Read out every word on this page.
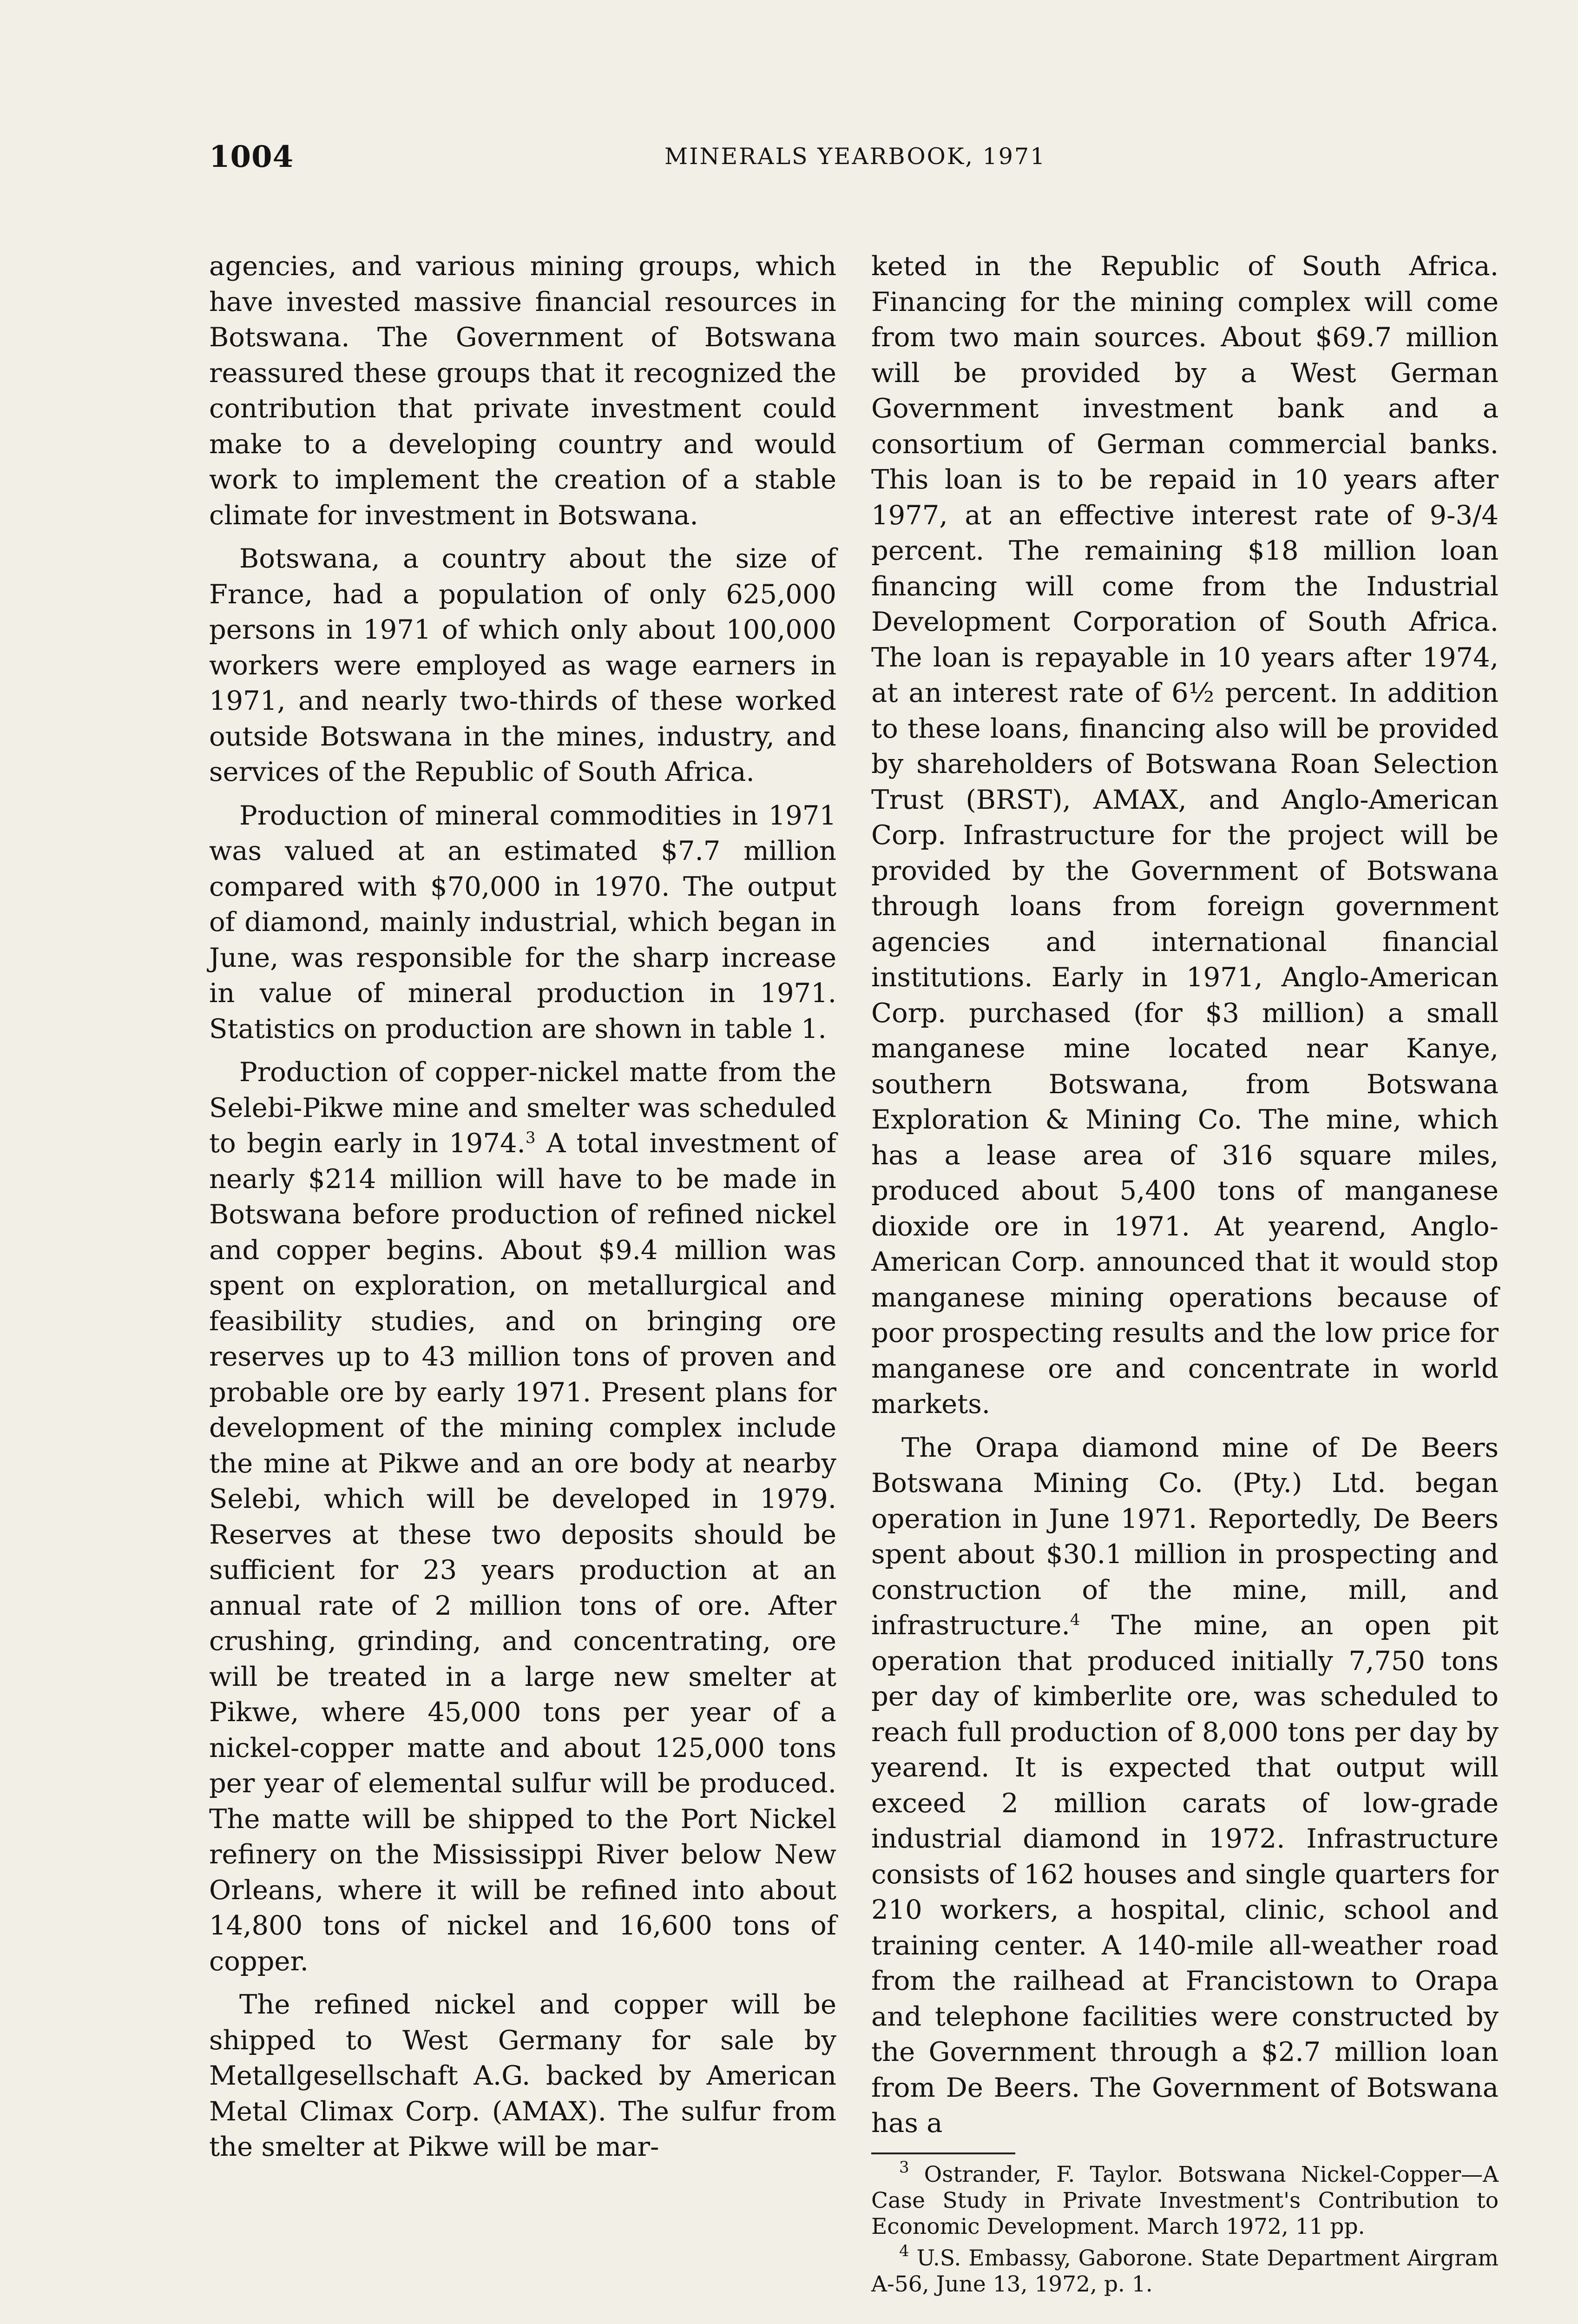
1004	MINERALS YEARBOOK, 1971

agencies, and various mining groups, which have invested massive financial resources in Botswana. The Government of Botswana reassured these groups that it recognized the contribution that private investment could make to a developing country and would work to implement the creation of a stable climate for investment in Botswana.

Botswana, a country about the size of France, had a population of only 625,000 persons in 1971 of which only about 100,000 workers were employed as wage earners in 1971, and nearly two-thirds of these worked outside Botswana in the mines, industry, and services of the Republic of South Africa.

Production of mineral commodities in 1971 was valued at an estimated $7.7 million compared with $70,000 in 1970. The output of diamond, mainly industrial, which began in June, was responsible for the sharp increase in value of mineral production in 1971. Statistics on production are shown in table 1.

Production of copper-nickel matte from the Selebi-Pikwe mine and smelter was scheduled to begin early in 1974.$^3$ A total investment of nearly $214 million will have to be made in Botswana before production of refined nickel and copper begins. About $9.4 million was spent on exploration, on metallurgical and feasibility studies, and on bringing ore reserves up to 43 million tons of proven and probable ore by early 1971. Present plans for development of the mining complex include the mine at Pikwe and an ore body at nearby Selebi, which will be developed in 1979. Reserves at these two deposits should be sufficient for 23 years production at an annual rate of 2 million tons of ore. After crushing, grinding, and concentrating, ore will be treated in a large new smelter at Pikwe, where 45,000 tons per year of a nickel-copper matte and about 125,000 tons per year of elemental sulfur will be produced. The matte will be shipped to the Port Nickel refinery on the Mississippi River below New Orleans, where it will be refined into about 14,800 tons of nickel and 16,600 tons of copper.

The refined nickel and copper will be shipped to West Germany for sale by Metallgesellschaft A.G. backed by American Metal Climax Corp. (AMAX). The sulfur from the smelter at Pikwe will be mar-

keted in the Republic of South Africa. Financing for the mining complex will come from two main sources. About $69.7 million will be provided by a West German Government investment bank and a consortium of German commercial banks. This loan is to be repaid in 10 years after 1977, at an effective interest rate of 9-3/4 percent. The remaining $18 million loan financing will come from the Industrial Development Corporation of South Africa. The loan is repayable in 10 years after 1974, at an interest rate of 6½ percent. In addition to these loans, financing also will be provided by shareholders of Botswana Roan Selection Trust (BRST), AMAX, and Anglo-American Corp. Infrastructure for the project will be provided by the Government of Botswana through loans from foreign government agencies and international financial institutions. Early in 1971, Anglo-American Corp. purchased (for $3 million) a small manganese mine located near Kanye, southern Botswana, from Botswana Exploration & Mining Co. The mine, which has a lease area of 316 square miles, produced about 5,400 tons of manganese dioxide ore in 1971. At yearend, Anglo-American Corp. announced that it would stop manganese mining operations because of poor prospecting results and the low price for manganese ore and concentrate in world markets.

The Orapa diamond mine of De Beers Botswana Mining Co. (Pty.) Ltd. began operation in June 1971. Reportedly, De Beers spent about $30.1 million in prospecting and construction of the mine, mill, and infrastructure.$^4$ The mine, an open pit operation that produced initially 7,750 tons per day of kimberlite ore, was scheduled to reach full production of 8,000 tons per day by yearend. It is expected that output will exceed 2 million carats of low-grade industrial diamond in 1972. Infrastructure consists of 162 houses and single quarters for 210 workers, a hospital, clinic, school and training center. A 140-mile all-weather road from the railhead at Francistown to Orapa and telephone facilities were constructed by the Government through a $2.7 million loan from De Beers. The Government of Botswana has a

$^3$ Ostrander, F. Taylor. Botswana Nickel-Copper—A Case Study in Private Investment's Contribution to Economic Development. March 1972, 11 pp.

$^4$ U.S. Embassy, Gaborone. State Department Airgram A-56, June 13, 1972, p. 1.
